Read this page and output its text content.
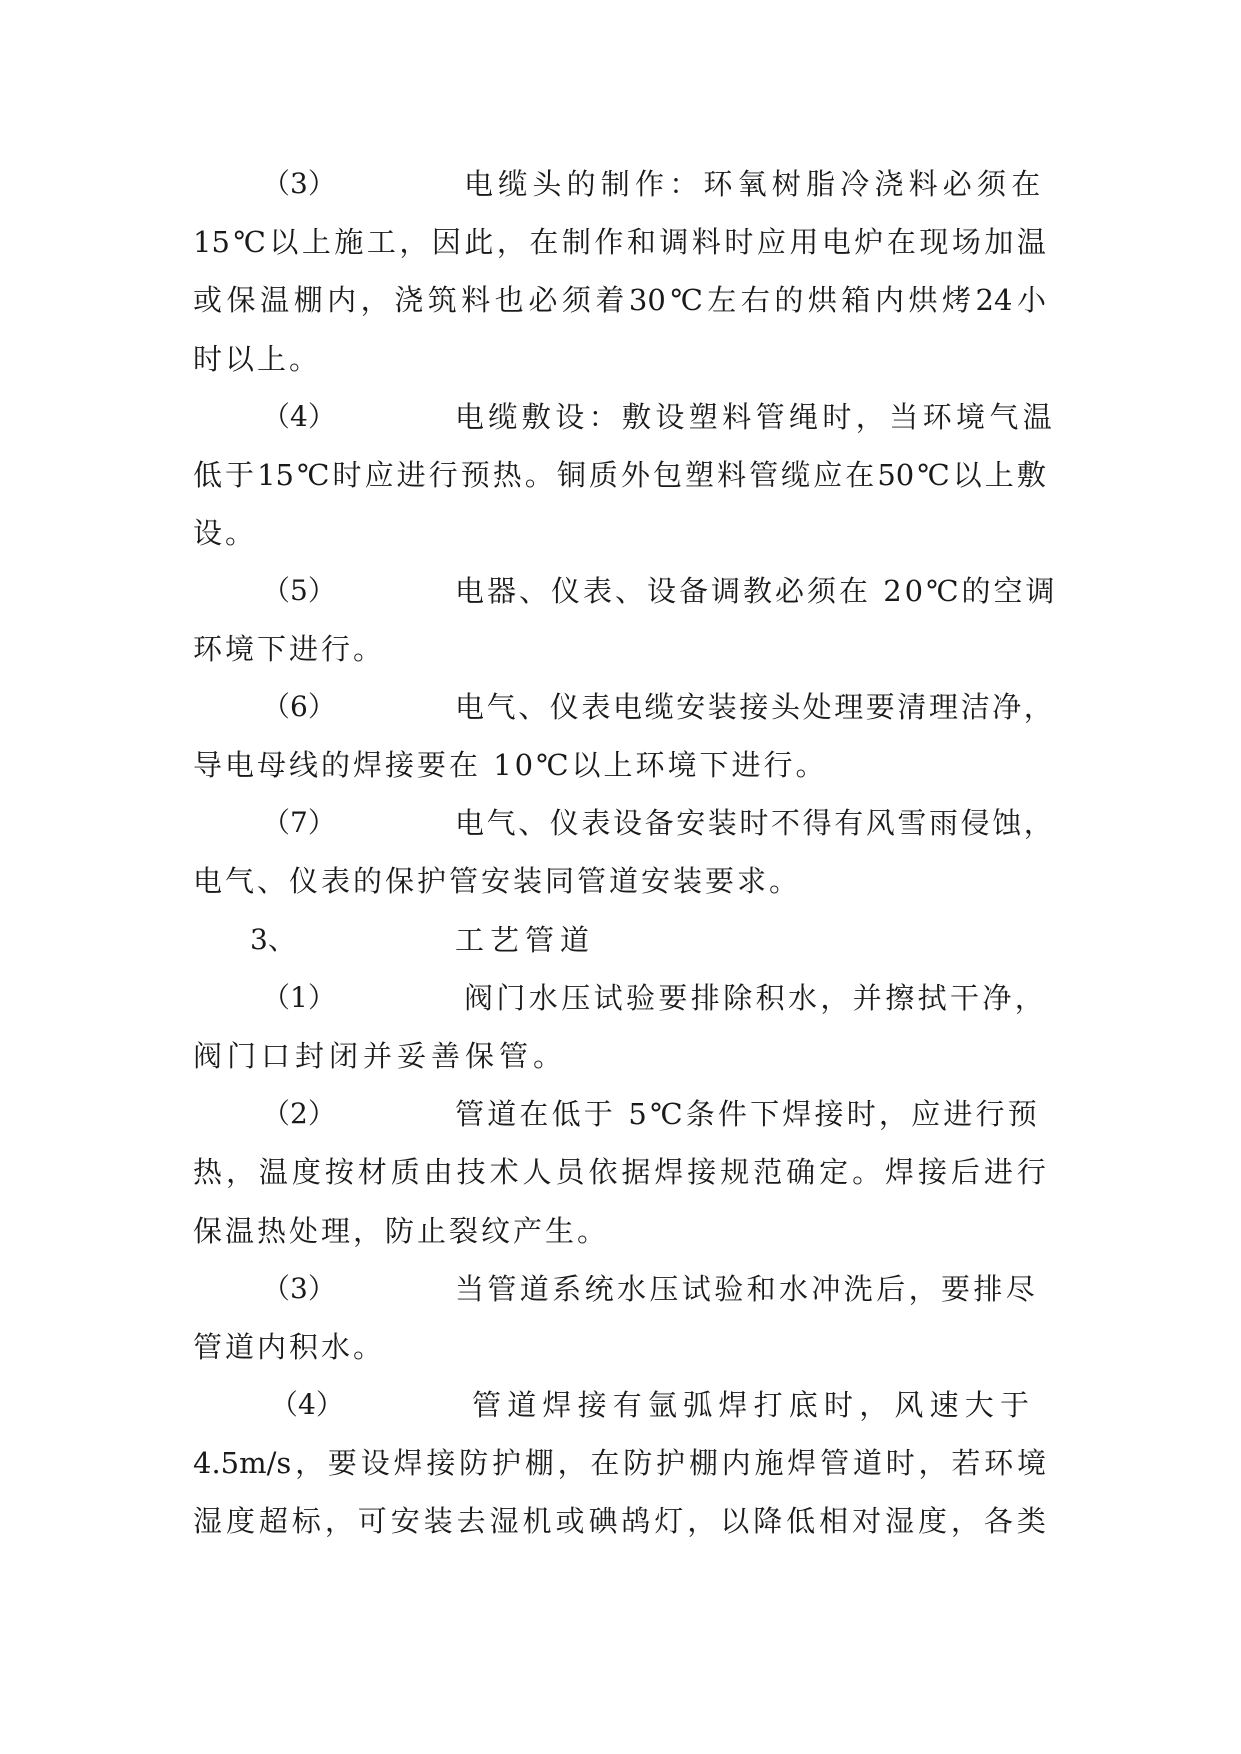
（3）	电缆头的制作：环氧树脂冷浇料必须在
15 ℃ 以 上 施 工 ， 因 此 ， 在 制 作 和 调 料 时 应 用 电 炉 在 现 场 加 温
或 保 温 棚 内 ， 浇 筑 料 也 必 须 着 30 ℃ 左 右 的 烘 箱 内 烘 烤 24 小
时以上。
（4）	电缆敷设：敷设塑料管绳时，当环境气温
低 于 15 ℃ 时 应 进 行 预 热 。 铜 质 外 包 塑 料 管 缆 应 在 50 ℃ 以 上 敷
设。
（5）	电器、仪表、设备调教必须在 20℃的空调
环境下进行。
（6）	电气、仪表电缆安装接头处理要清理洁净，
导电母线的焊接要在 10℃以上环境下进行。
（7）	电气、仪表设备安装时不得有风雪雨侵蚀，
电气、仪表的保护管安装同管道安装要求。
3、	工艺管道
（1）	阀门水压试验要排除积水，并擦拭干净，
阀门口封闭并妥善保管。
（2）	管道在低于 5℃条件下焊接时，应进行预
热 ， 温 度 按 材 质 由 技 术 人 员 依 据 焊 接 规 范 确 定 。 焊 接 后 进 行
保温热处理，防止裂纹产生。
（3）	当管道系统水压试验和水冲洗后，要排尽
管道内积水。
（4）	管道焊接有氩弧焊打底时，风速大于
4.5m/s ， 要 设 焊 接 防 护 棚 ， 在 防 护 棚 内 施 焊 管 道 时 ， 若 环 境
湿 度 超 标 ， 可 安 装 去 湿 机 或 碘 鸪 灯 ， 以 降 低 相 对 湿 度 ， 各 类
